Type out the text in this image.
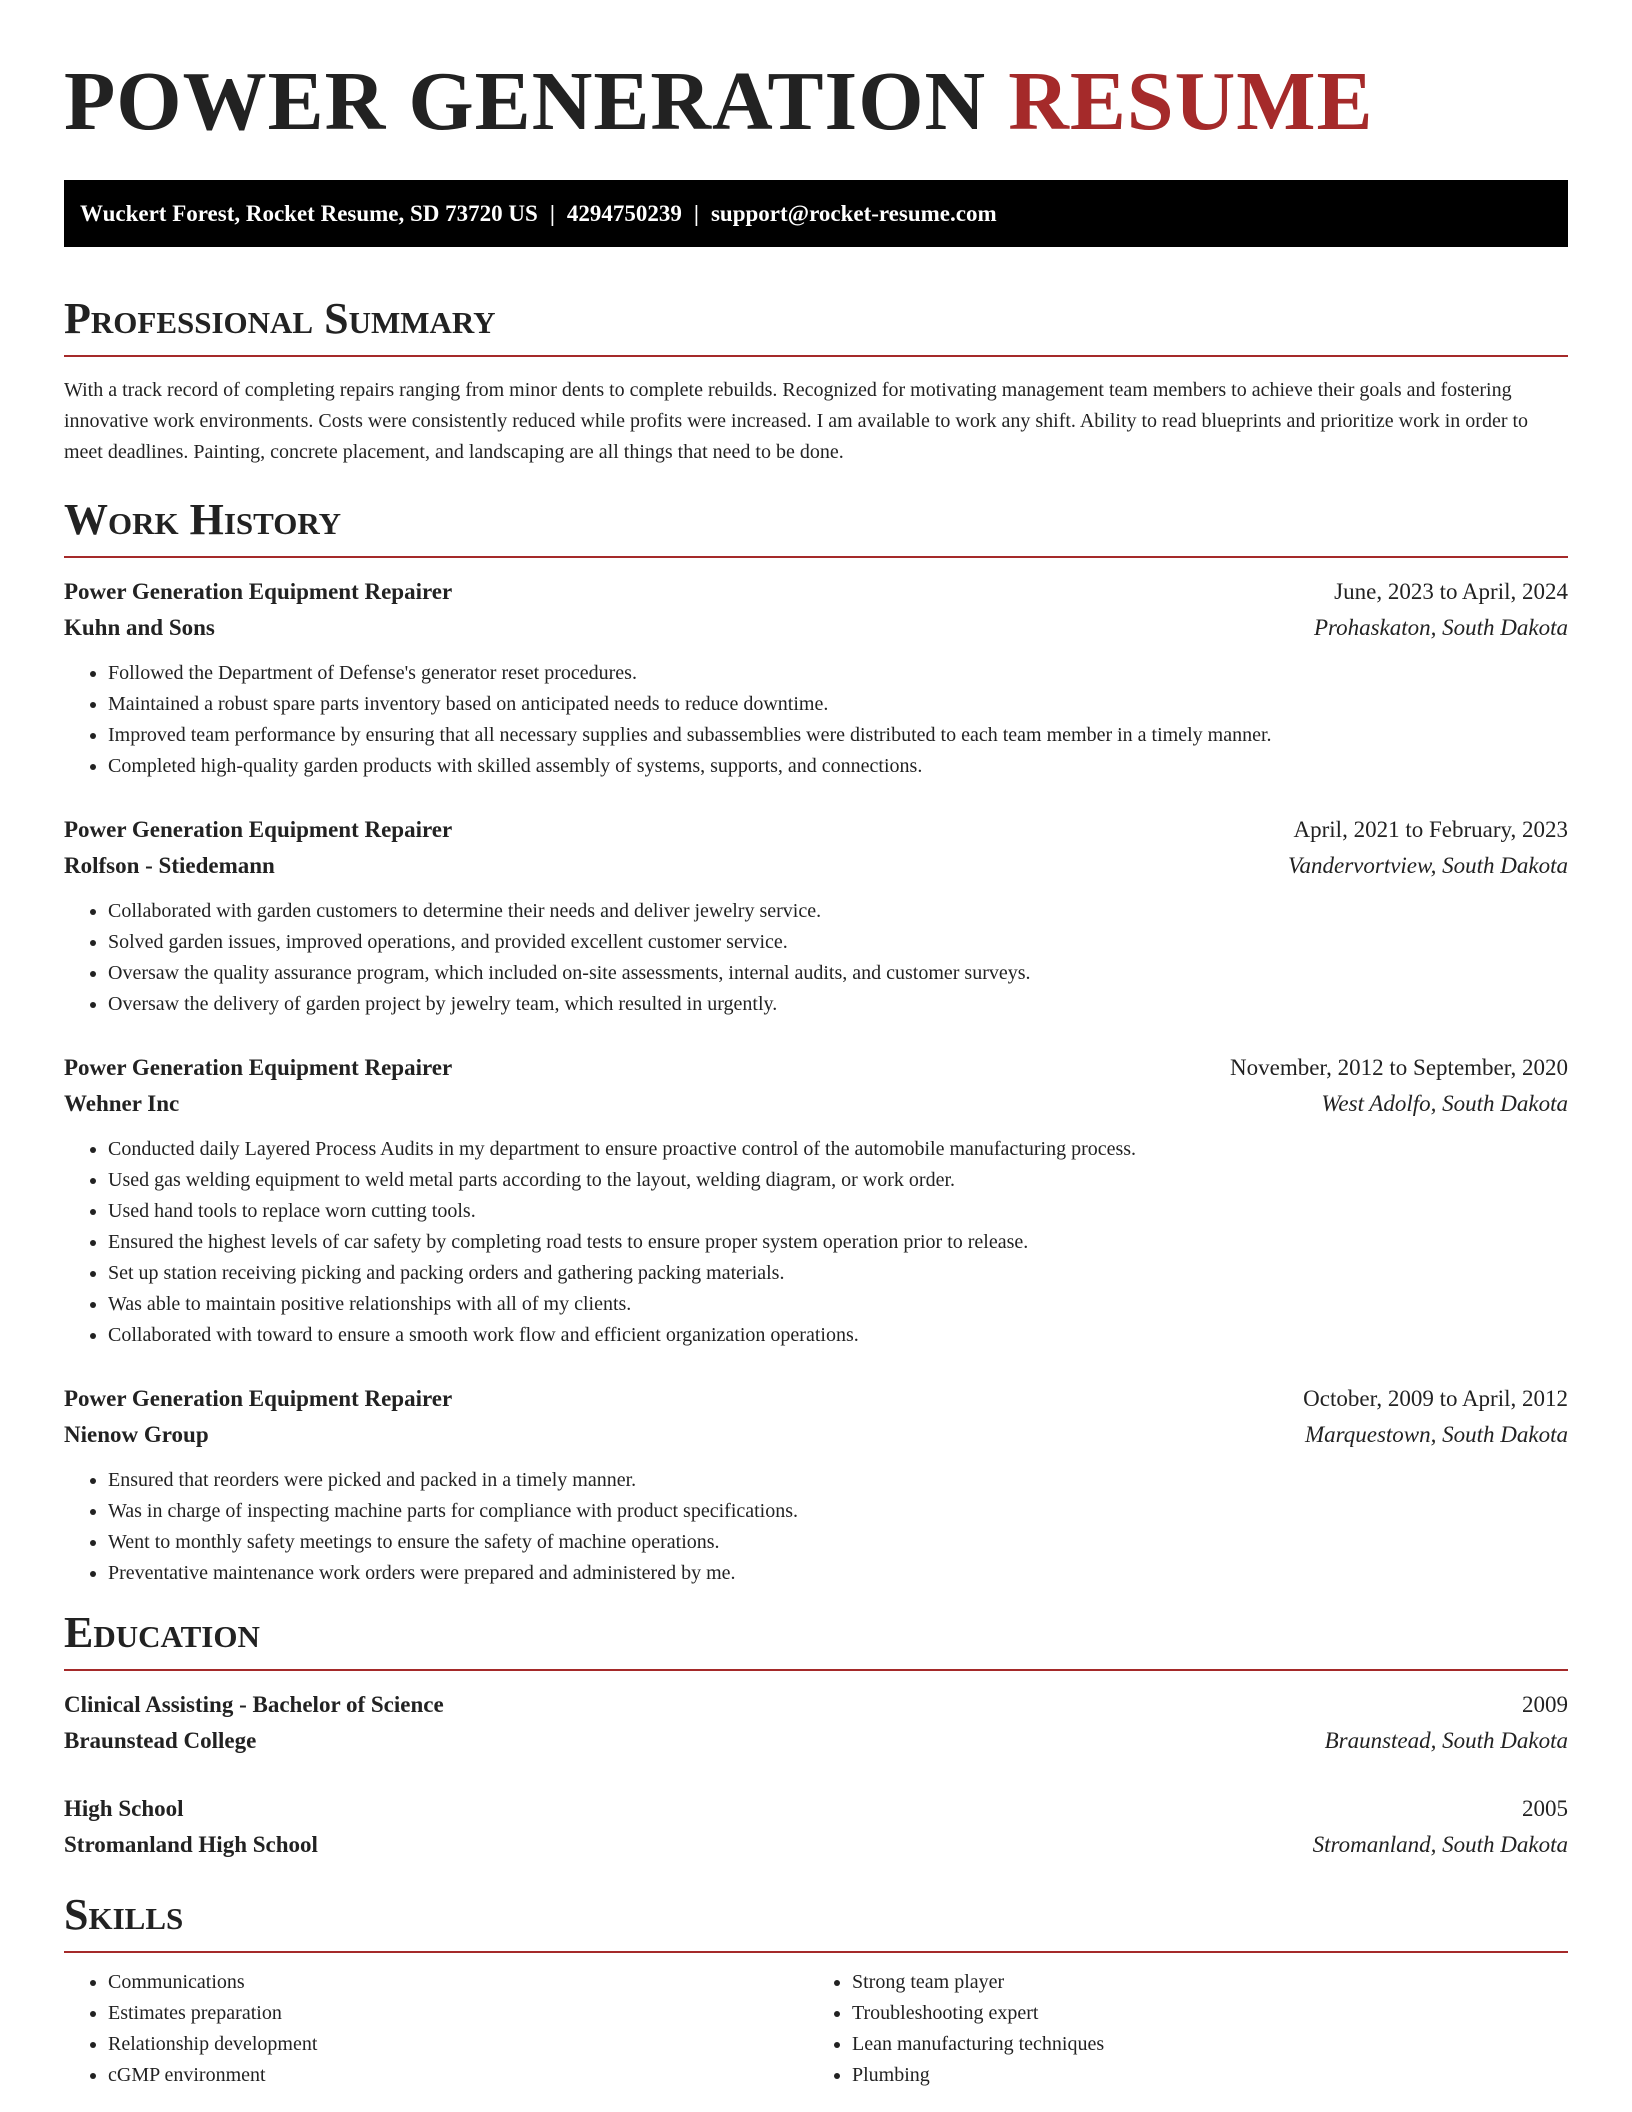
POWER GENERATION RESUME
Wuckert Forest, Rocket Resume, SD 73720 US | 4294750239 | support@rocket-resume.com
Professional Summary

With a track record of completing repairs ranging from minor dents to complete rebuilds. Recognized for motivating management team members to achieve their goals and fostering innovative work environments. Costs were consistently reduced while profits were increased. I am available to work any shift. Ability to read blueprints and prioritize work in order to meet deadlines. Painting, concrete placement, and landscaping are all things that need to be done.

Work History
Power Generation Equipment Repairer	June, 2023 to April, 2024
Kuhn and Sons	Prohaskaton, South Dakota
• Followed the Department of Defense's generator reset procedures.
• Maintained a robust spare parts inventory based on anticipated needs to reduce downtime.
• Improved team performance by ensuring that all necessary supplies and subassemblies were distributed to each team member in a timely manner.
• Completed high-quality garden products with skilled assembly of systems, supports, and connections.
Power Generation Equipment Repairer	April, 2021 to February, 2023
Rolfson - Stiedemann	Vandervortview, South Dakota
• Collaborated with garden customers to determine their needs and deliver jewelry service.
• Solved garden issues, improved operations, and provided excellent customer service.
• Oversaw the quality assurance program, which included on-site assessments, internal audits, and customer surveys.
• Oversaw the delivery of garden project by jewelry team, which resulted in urgently.
Power Generation Equipment Repairer	November, 2012 to September, 2020
Wehner Inc	West Adolfo, South Dakota
• Conducted daily Layered Process Audits in my department to ensure proactive control of the automobile manufacturing process.
• Used gas welding equipment to weld metal parts according to the layout, welding diagram, or work order.
• Used hand tools to replace worn cutting tools.
• Ensured the highest levels of car safety by completing road tests to ensure proper system operation prior to release.
• Set up station receiving picking and packing orders and gathering packing materials.
• Was able to maintain positive relationships with all of my clients.
• Collaborated with toward to ensure a smooth work flow and efficient organization operations.
Power Generation Equipment Repairer	October, 2009 to April, 2012
Nienow Group	Marquestown, South Dakota
• Ensured that reorders were picked and packed in a timely manner.
• Was in charge of inspecting machine parts for compliance with product specifications.
• Went to monthly safety meetings to ensure the safety of machine operations.
• Preventative maintenance work orders were prepared and administered by me.
Education
Clinical Assisting - Bachelor of Science	2009
Braunstead College	Braunstead, South Dakota
High School	2005
Stromanland High School	Stromanland, South Dakota
Skills
• Communications
• Estimates preparation
• Relationship development
• cGMP environment
• Strong team player
• Troubleshooting expert
• Lean manufacturing techniques
• Plumbing
